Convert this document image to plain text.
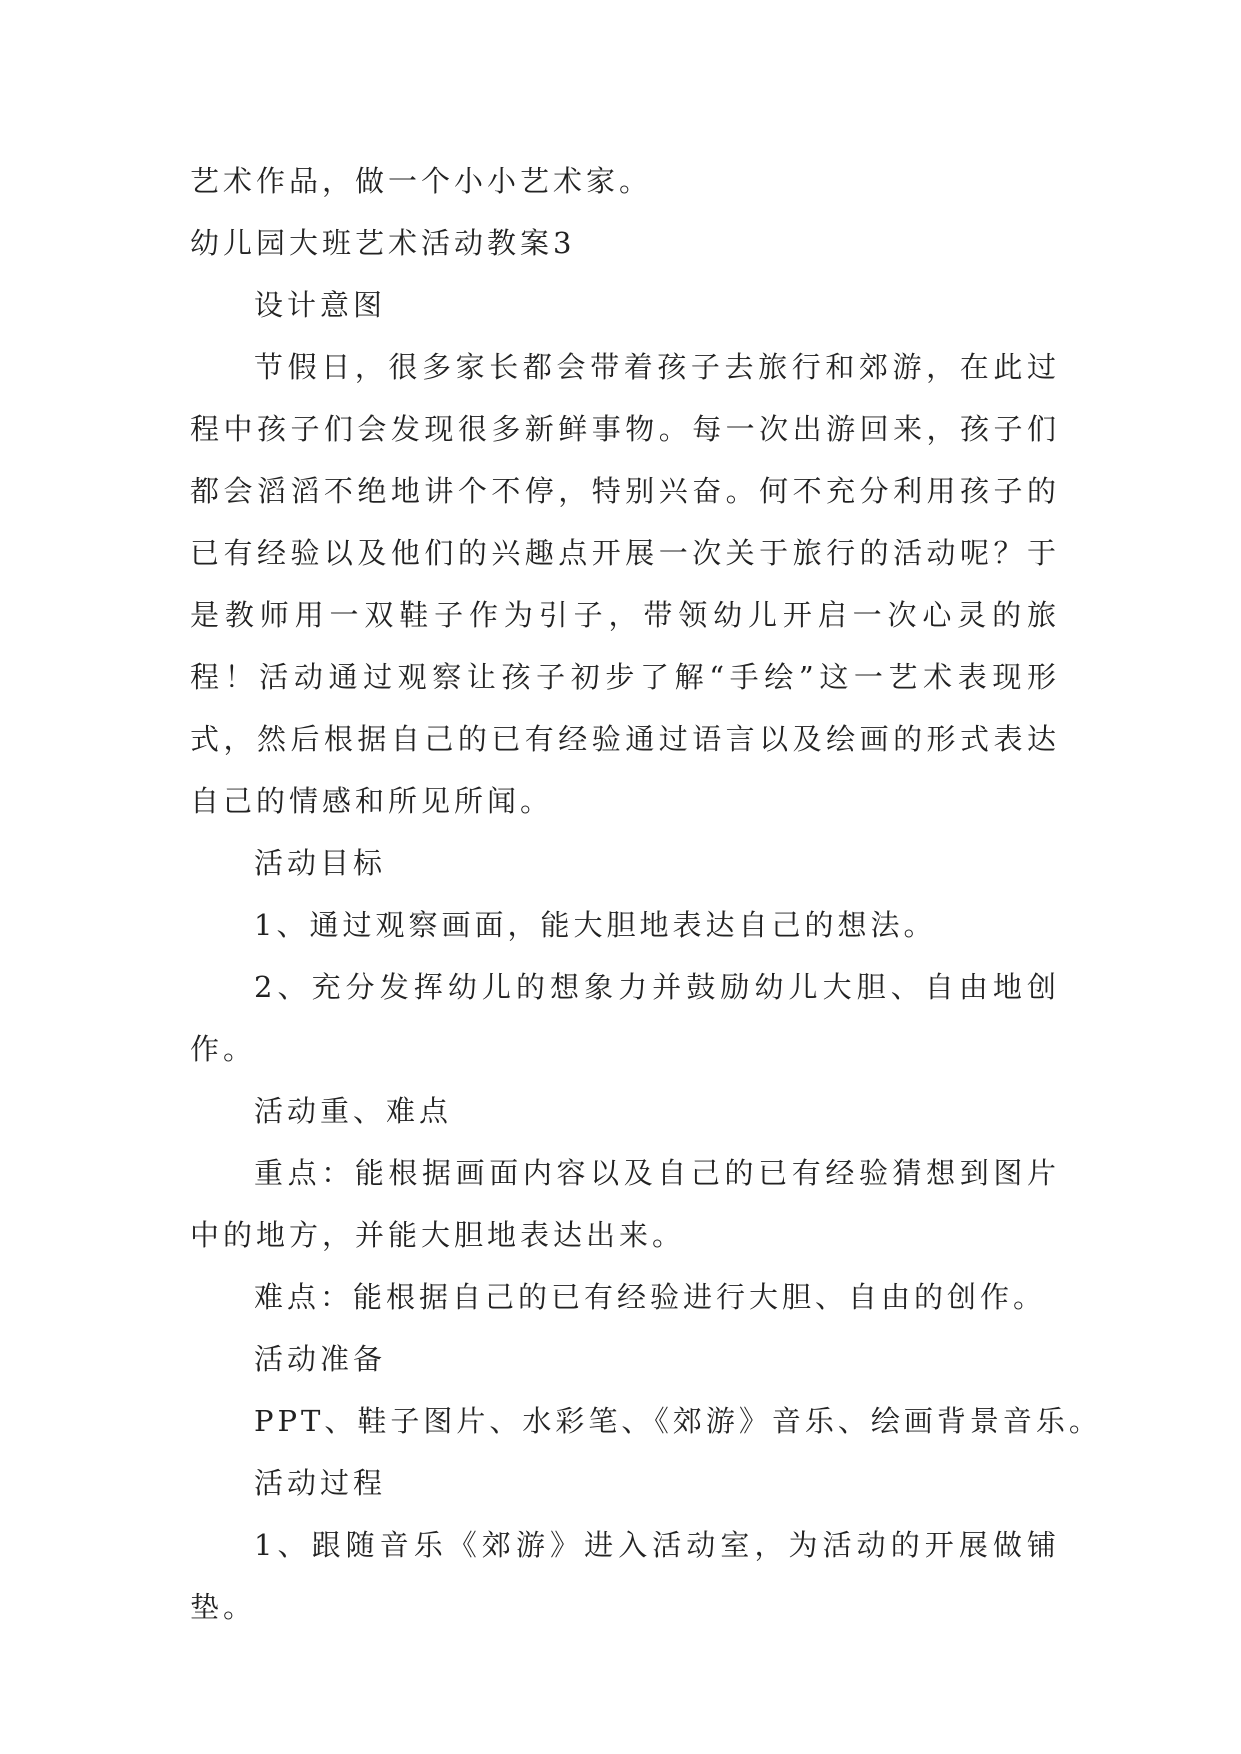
艺术作品，做一个小小艺术家。
幼儿园大班艺术活动教案3
设计意图
节假日，很多家长都会带着孩子去旅行和郊游，在此过程中孩子们会发现很多新鲜事物。每一次出游回来，孩子们都会滔滔不绝地讲个不停，特别兴奋。何不充分利用孩子的已有经验以及他们的兴趣点开展一次关于旅行的活动呢？于是教师用一双鞋子作为引子，带领幼儿开启一次心灵的旅程！活动通过观察让孩子初步了解“手绘”这一艺术表现形式，然后根据自己的已有经验通过语言以及绘画的形式表达自己的情感和所见所闻。
活动目标
1、通过观察画面，能大胆地表达自己的想法。
2、充分发挥幼儿的想象力并鼓励幼儿大胆、自由地创作。
活动重、难点
重点：能根据画面内容以及自己的已有经验猜想到图片中的地方，并能大胆地表达出来。
难点：能根据自己的已有经验进行大胆、自由的创作。
活动准备
PPT、鞋子图片、水彩笔、《郊游》音乐、绘画背景音乐。
活动过程
1、跟随音乐《郊游》进入活动室，为活动的开展做铺垫。
